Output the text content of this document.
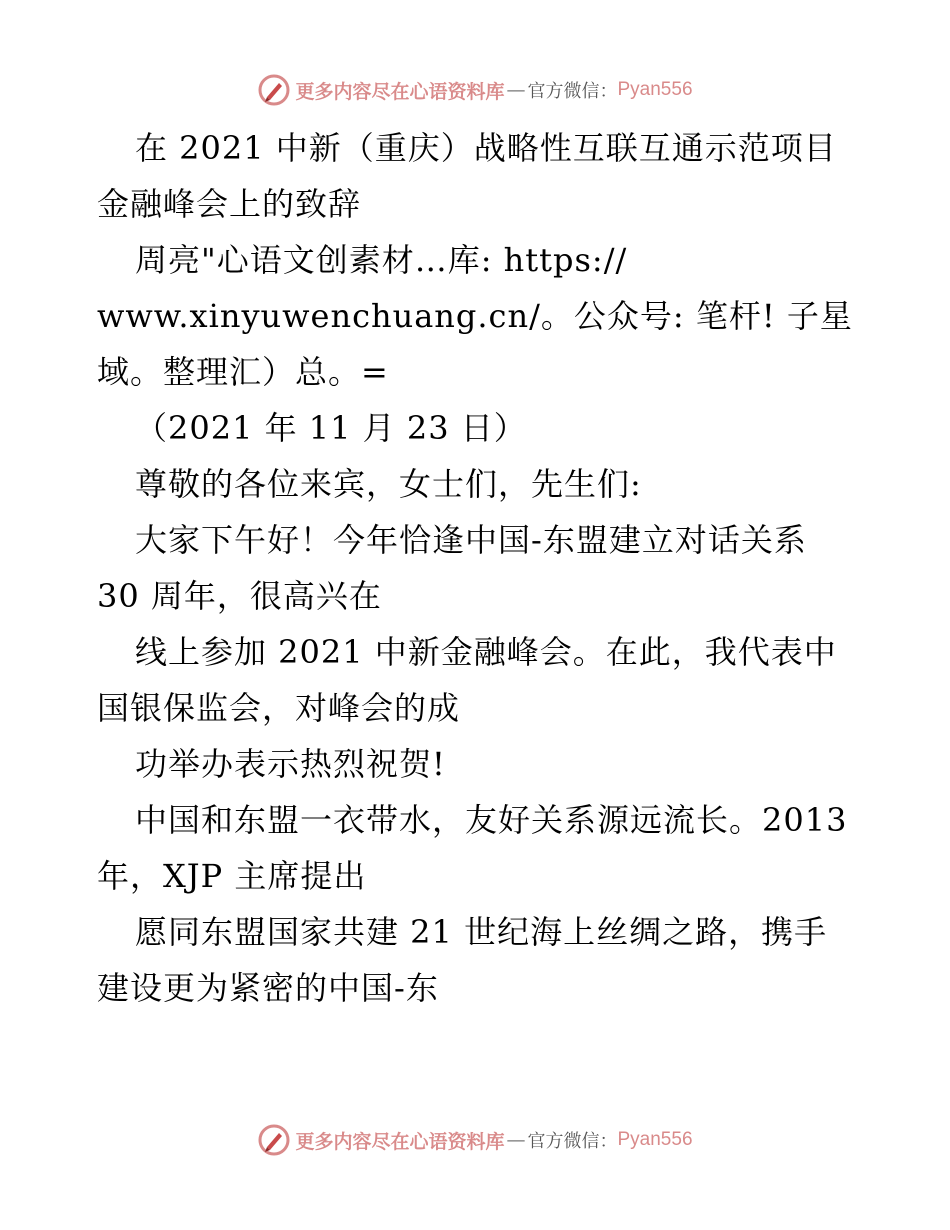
更多内容尽在心语资料库 — 官方微信： Pyan556
在 2021 中新（重庆）战略性互联互通示范项目
金融峰会上的致辞
周亮"心语文创素材…库: https://
www.xinyuwenchuang.cn/。公众号: 笔杆! 子星
域。整理汇）总。=
（2021 年 11 月 23 日）
尊敬的各位来宾，女士们，先生们:
大家下午好！今年恰逢中国-东盟建立对话关系
30 周年，很高兴在
线上参加 2021 中新金融峰会。在此，我代表中
国银保监会，对峰会的成
功举办表示热烈祝贺!
中国和东盟一衣带水，友好关系源远流长。2013
年，XJP 主席提出
愿同东盟国家共建 21 世纪海上丝绸之路，携手
建设更为紧密的中国-东
更多内容尽在心语资料库 — 官方微信： Pyan556
